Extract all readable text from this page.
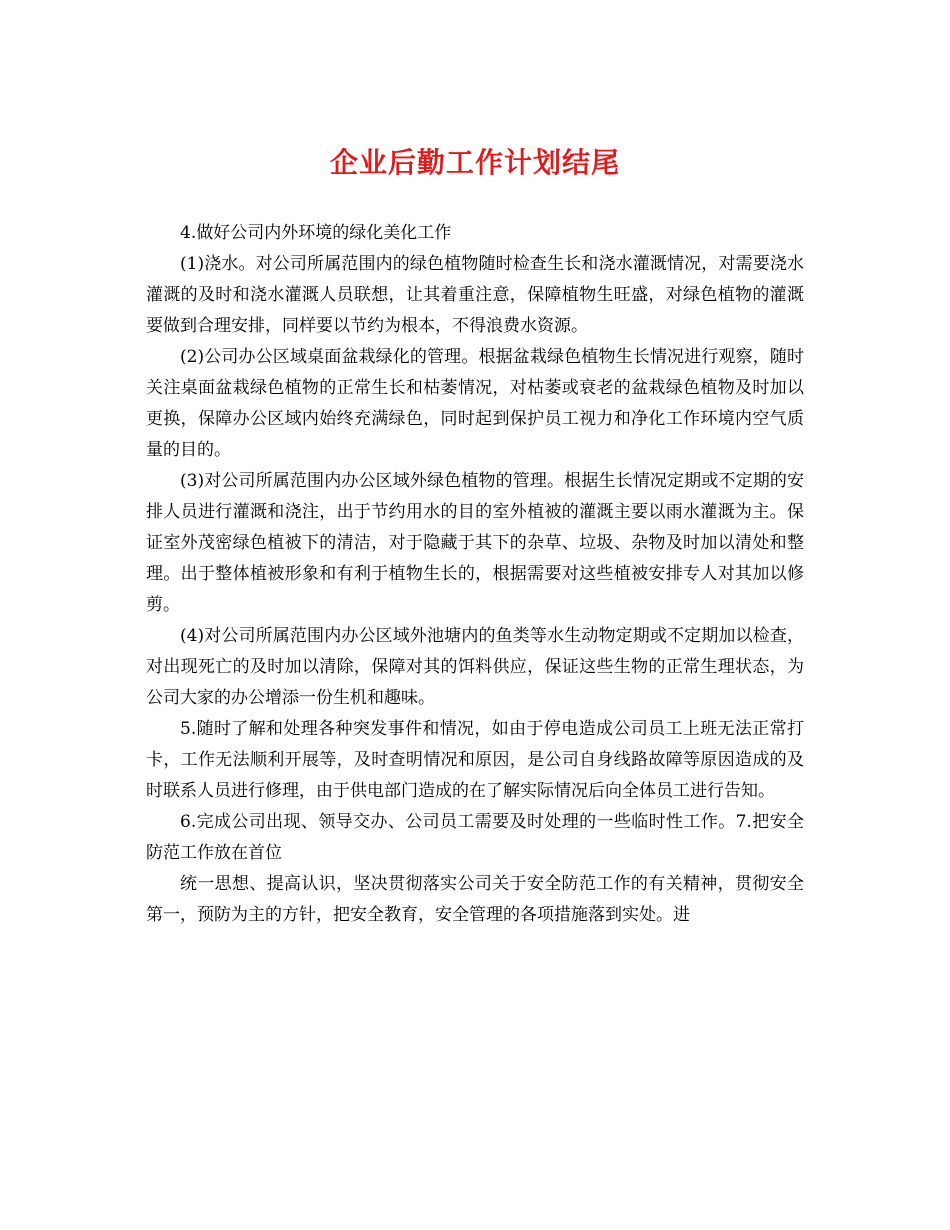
企业后勤工作计划结尾

4.做好公司内外环境的绿化美化工作

(1)浇水。对公司所属范围内的绿色植物随时检查生长和浇水灌溉情况，对需要浇水灌溉的及时和浇水灌溉人员联想，让其着重注意，保障植物生旺盛，对绿色植物的灌溉要做到合理安排，同样要以节约为根本，不得浪费水资源。

(2)公司办公区域桌面盆栽绿化的管理。根据盆栽绿色植物生长情况进行观察，随时关注桌面盆栽绿色植物的正常生长和枯萎情况，对枯萎或衰老的盆栽绿色植物及时加以更换，保障办公区域内始终充满绿色，同时起到保护员工视力和净化工作环境内空气质量的目的。

(3)对公司所属范围内办公区域外绿色植物的管理。根据生长情况定期或不定期的安排人员进行灌溉和浇注，出于节约用水的目的室外植被的灌溉主要以雨水灌溉为主。保证室外茂密绿色植被下的清洁，对于隐藏于其下的杂草、垃圾、杂物及时加以清处和整理。出于整体植被形象和有利于植物生长的，根据需要对这些植被安排专人对其加以修剪。

(4)对公司所属范围内办公区域外池塘内的鱼类等水生动物定期或不定期加以检查，对出现死亡的及时加以清除，保障对其的饵料供应，保证这些生物的正常生理状态，为公司大家的办公增添一份生机和趣味。

5.随时了解和处理各种突发事件和情况，如由于停电造成公司员工上班无法正常打卡，工作无法顺利开展等，及时查明情况和原因，是公司自身线路故障等原因造成的及时联系人员进行修理，由于供电部门造成的在了解实际情况后向全体员工进行告知。

6.完成公司出现、领导交办、公司员工需要及时处理的一些临时性工作。7.把安全防范工作放在首位

统一思想、提高认识，坚决贯彻落实公司关于安全防范工作的有关精神，贯彻安全第一，预防为主的方针，把安全教育，安全管理的各项措施落到实处。进
